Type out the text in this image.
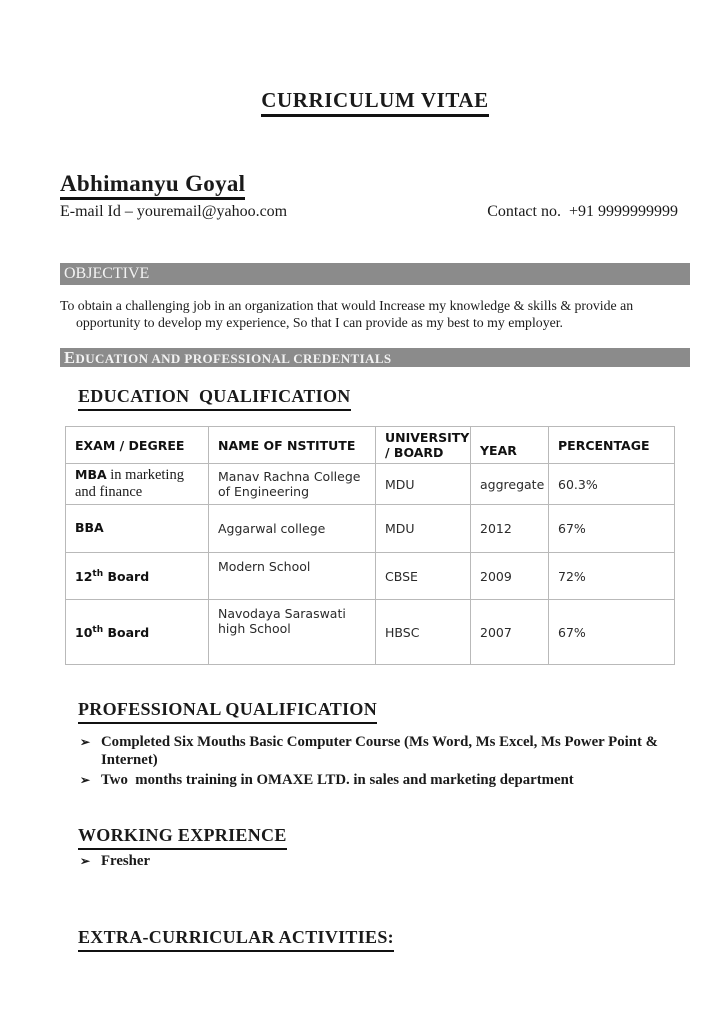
CURRICULUM VITAE
Abhimanyu Goyal
E-mail Id – youremail@yahoo.com	Contact no.  +91 9999999999
OBJECTIVE
To obtain a challenging job in an organization that would Increase my knowledge & skills & provide an opportunity to develop my experience, So that I can provide as my best to my employer.
EDUCATION AND PROFESSIONAL CREDENTIALS
EDUCATION  QUALIFICATION
EXAM / DEGREE	NAME OF NSTITUTE	UNIVERSITY / BOARD	YEAR	PERCENTAGE
MBA in marketing and finance	Manav Rachna College of Engineering	MDU	aggregate	60.3%
BBA	Aggarwal college	MDU	2012	67%
12th Board	Modern School	CBSE	2009	72%
10th Board	Navodaya Saraswati high School	HBSC	2007	67%
PROFESSIONAL QUALIFICATION
➢ Completed Six Mouths Basic Computer Course (Ms Word, Ms Excel, Ms Power Point & Internet)
➢ Two  months training in OMAXE LTD. in sales and marketing department
WORKING EXPRIENCE
➢ Fresher
EXTRA-CURRICULAR ACTIVITIES:
